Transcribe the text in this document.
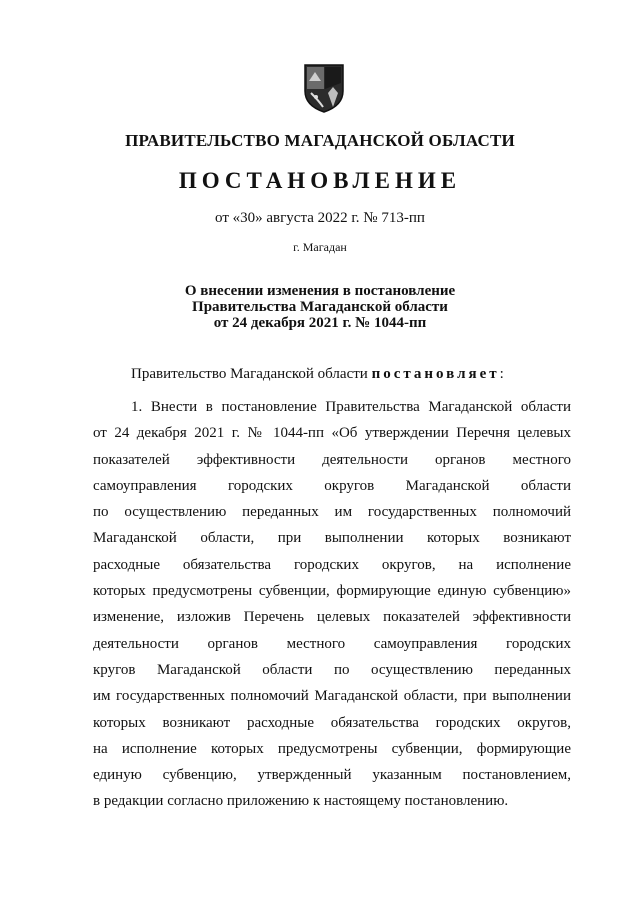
ПРАВИТЕЛЬСТВО МАГАДАНСКОЙ ОБЛАСТИ
ПОСТАНОВЛЕНИЕ
от «30» августа 2022 г. № 713-пп
г. Магадан
О внесении изменения в постановление
Правительства Магаданской области
от 24 декабря 2021 г. № 1044-пп
Правительство Магаданской области постановляет:
1. Внести в постановление Правительства Магаданской области
от 24 декабря 2021 г. № 1044-пп «Об утверждении Перечня целевых
показателей эффективности деятельности органов местного
самоуправления городских округов Магаданской области
по осуществлению переданных им государственных полномочий
Магаданской области, при выполнении которых возникают
расходные обязательства городских округов, на исполнение
которых предусмотрены субвенции, формирующие единую субвенцию»
изменение, изложив Перечень целевых показателей эффективности
деятельности органов местного самоуправления городских
кругов Магаданской области по осуществлению переданных
им государственных полномочий Магаданской области, при выполнении
которых возникают расходные обязательства городских округов,
на исполнение которых предусмотрены субвенции, формирующие
единую субвенцию, утвержденный указанным постановлением,
в редакции согласно приложению к настоящему постановлению.
